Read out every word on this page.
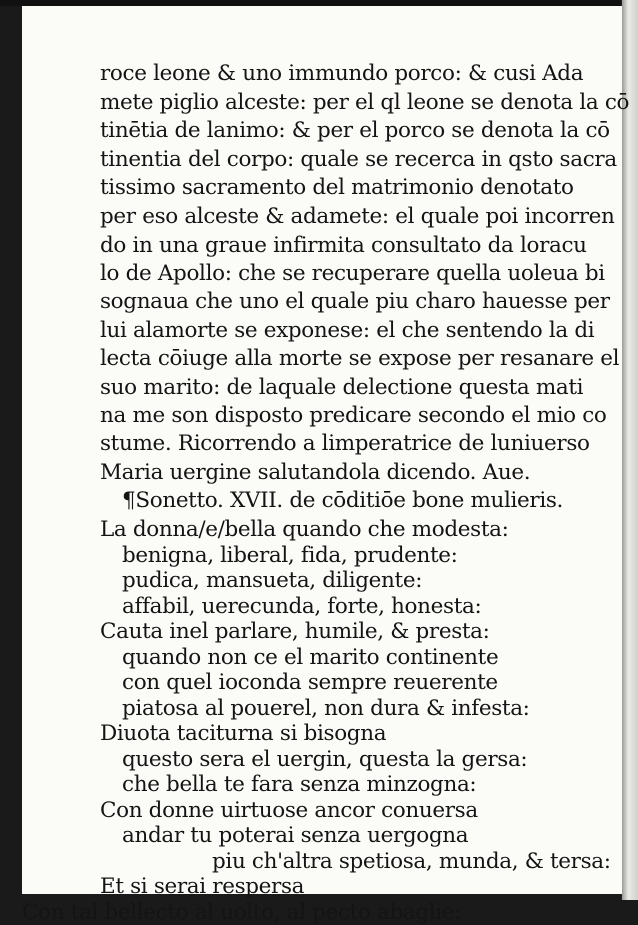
roce leone & uno immundo porco: & cusi Ada
mete piglio alceste: per el ql leone se denota la cō
tinētia de lanimo: & per el porco se denota la cō
tinentia del corpo: quale se recerca in qsto sacra
tissimo sacramento del matrimonio denotato
per eso alceste & adamete: el quale poi incorren
do in una graue infirmita consultato da loracu
lo de Apollo: che se recuperare quella uoleua bi
sognaua che uno el quale piu charo hauesse per
lui alamorte se exponese: el che sentendo la di
lecta cōiuge alla morte se expose per resanare el
suo marito: de laquale delectione questa mati
na me son disposto predicare secondo el mio co
stume. Ricorrendo a limperatrice de luniuerso
Maria uergine salutandola dicendo. Aue.
¶Sonetto. XVII. de cōditiōe bone mulieris.
La donna/e/bella quando che modesta:
benigna, liberal, fida, prudente:
pudica, mansueta, diligente:
affabil, uerecunda, forte, honesta:
Cauta inel parlare, humile, & presta:
quando non ce el marito continente
con quel ioconda sempre reuerente
piatosa al pouerel, non dura & infesta:
Diuota taciturna si bisogna
questo sera el uergin, questa la gersa:
che bella te fara senza minzogna:
Con donne uirtuose ancor conuersa
andar tu poterai senza uergogna
piu ch'altra spetiosa, munda, & tersa:
Et si serai respersa
Con tal bellecto al uolto, al pecto abaglie:
